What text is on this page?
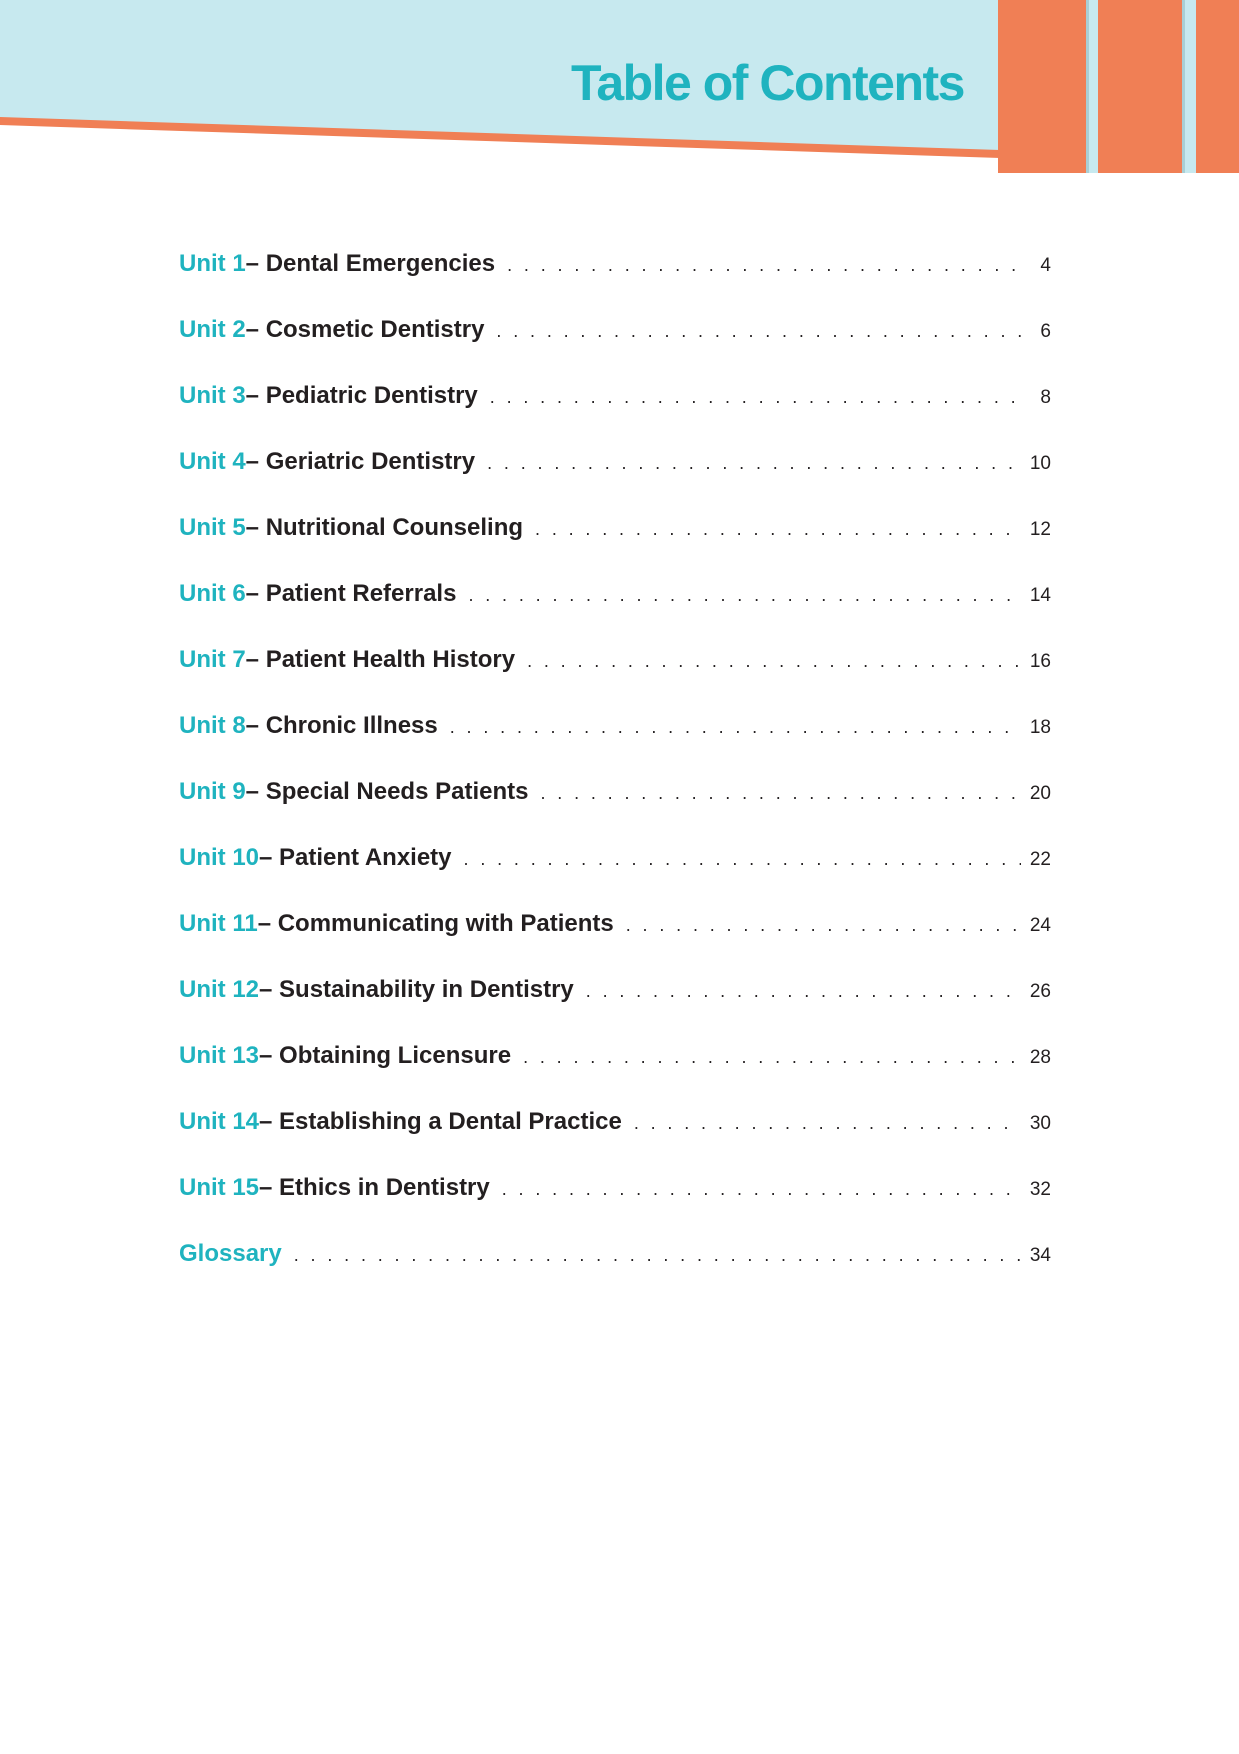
Table of Contents
Unit 1 – Dental Emergencies . . .	4
Unit 2 – Cosmetic Dentistry . . .	6
Unit 3 – Pediatric Dentistry . . .	8
Unit 4 – Geriatric Dentistry . . .	10
Unit 5 – Nutritional Counseling . . .	12
Unit 6 – Patient Referrals . . .	14
Unit 7 – Patient Health History . . .	16
Unit 8 – Chronic Illness . . .	18
Unit 9 – Special Needs Patients . . .	20
Unit 10 – Patient Anxiety . . .	22
Unit 11 – Communicating with Patients . . .	24
Unit 12 – Sustainability in Dentistry . . .	26
Unit 13 – Obtaining Licensure . . .	28
Unit 14 – Establishing a Dental Practice . . .	30
Unit 15 – Ethics in Dentistry . . .	32
Glossary . . .	34
